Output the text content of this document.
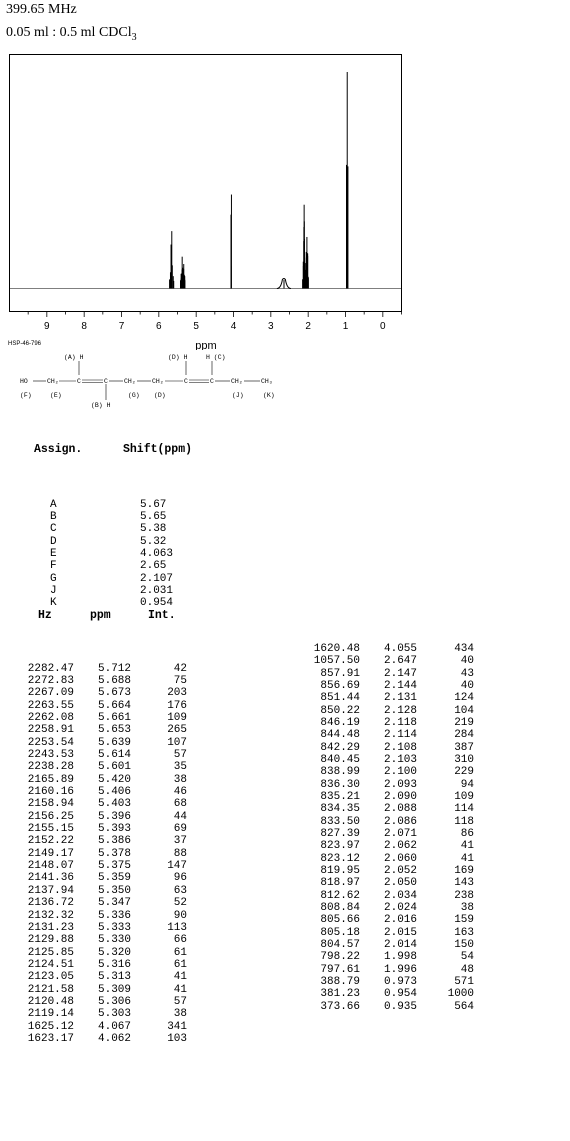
399.65 MHz
0.05 ml : 0.5 ml CDCl$_3$
9	8	7	6	5	4	3	2	1	0
ppm
HSP-46-796
(A) H	(D) H	H (C)
(B) H
HO	CH₂	C	C CH₂	CH₂	C	C	CH₂	CH₃
(F)	(E)	(G) (D)	(J)	(K)

Assign.

	Shift(ppm)

A	5.67
B	5.65
C	5.38
D	5.32
E	4.063
F	2.65
G	2.107
J	2.031
K	0.954

Hz

	ppm

	Int.

2282.47 5.712	42
2272.83 5.688	75
2267.09 5.673	203
2263.55 5.664	176
2262.08 5.661	109
2258.91 5.653	265
2253.54 5.639	107
2243.53 5.614	57
2238.28 5.601	35
2165.89 5.420	38
2160.16 5.406	46
2158.94 5.403	68
2156.25 5.396	44
2155.15 5.393	69
2152.22 5.386	37
2149.17 5.378	88
2148.07 5.375	147
2141.36 5.359	96
2137.94 5.350	63
2136.72 5.347	52
2132.32 5.336	90
2131.23 5.333	113
2129.88 5.330	66
2125.85 5.320	61
2124.51 5.316	61
2123.05 5.313	41
2121.58 5.309	41
2120.48 5.306	57
2119.14 5.303	38
1625.12 4.067	341
1623.17 4.062	103

1620.48 4.055	434
1057.50 2.647	40
857.91 2.147	43
856.69 2.144	40
851.44 2.131	124
850.22 2.128	104
846.19 2.118	219
844.48 2.114	284
842.29 2.108	387
840.45 2.103	310
838.99 2.100	229
836.30 2.093	94
835.21 2.090	109
834.35 2.088	114
833.50 2.086	118
827.39 2.071	86
823.97 2.062	41
823.12 2.060	41
819.95 2.052	169
818.97 2.050	143
812.62 2.034	238
808.84 2.024	38
805.66 2.016	159
805.18 2.015	163
804.57 2.014	150
798.22 1.998	54
797.61 1.996	48
388.79 0.973	571
381.23 0.954	1000
373.66 0.935	564
